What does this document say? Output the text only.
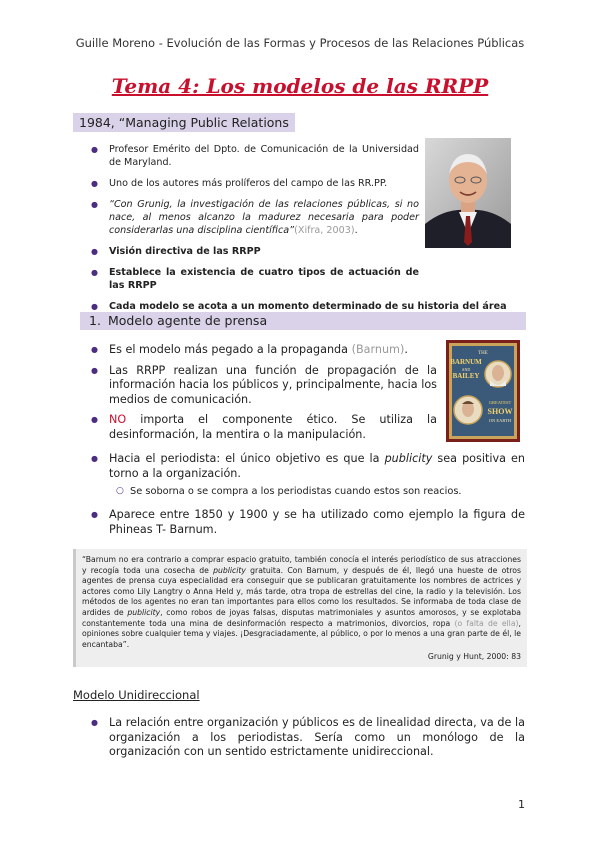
Guille Moreno - Evolución de las Formas y Procesos de las Relaciones Públicas
Tema 4: Los modelos de las RRPP
1984, “Managing Public Relations
● Profesor Emérito del Dpto. de Comunicación de la Universidad de Maryland.
● Uno de los autores más prolíferos del campo de las RR.PP.
● “Con Grunig, la investigación de las relaciones públicas, si no nace, al menos alcanzo la madurez necesaria para poder considerarlas una disciplina científica”(Xifra, 2003).
● Visión directiva de las RRPP
● Establece la existencia de cuatro tipos de actuación de las RRPP
● Cada modelo se acota a un momento determinado de su historia del área
1. Modelo agente de prensa
● Es el modelo más pegado a la propaganda (Barnum).
● Las RRPP realizan una función de propagación de la información hacia los públicos y, principalmente, hacia los medios de comunicación.
● NO importa el componente ético. Se utiliza la desinformación, la mentira o la manipulación.
THE
BARNUM
AND
BAILEY
GREATEST
SHOW
ON EARTH
● Hacia el periodista: el único objetivo es que la publicity sea positiva en torno a la organización.
○ Se soborna o se compra a los periodistas cuando estos son reacios.
● Aparece entre 1850 y 1900 y se ha utilizado como ejemplo la figura de Phineas T- Barnum.
“Barnum no era contrario a comprar espacio gratuito, también conocía el interés periodístico de sus atracciones y recogía toda una cosecha de publicity gratuita. Con Barnum, y después de él, llegó una hueste de otros agentes de prensa cuya especialidad era conseguir que se publicaran gratuitamente los nombres de actrices y actores como Lily Langtry o Anna Held y, más tarde, otra tropa de estrellas del cine, la radio y la televisión. Los métodos de los agentes no eran tan importantes para ellos como los resultados. Se informaba de toda clase de ardides de publicity, como robos de joyas falsas, disputas matrimoniales y asuntos amorosos, y se explotaba constantemente toda una mina de desinformación respecto a matrimonios, divorcios, ropa (o falta de ella), opiniones sobre cualquier tema y viajes. ¡Desgraciadamente, al público, o por lo menos a una gran parte de él, le encantaba”.
Grunig y Hunt, 2000: 83
Modelo Unidireccional
● La relación entre organización y públicos es de linealidad directa, va de la organización a los periodistas. Sería como un monólogo de la organización con un sentido estrictamente unidireccional.
1
